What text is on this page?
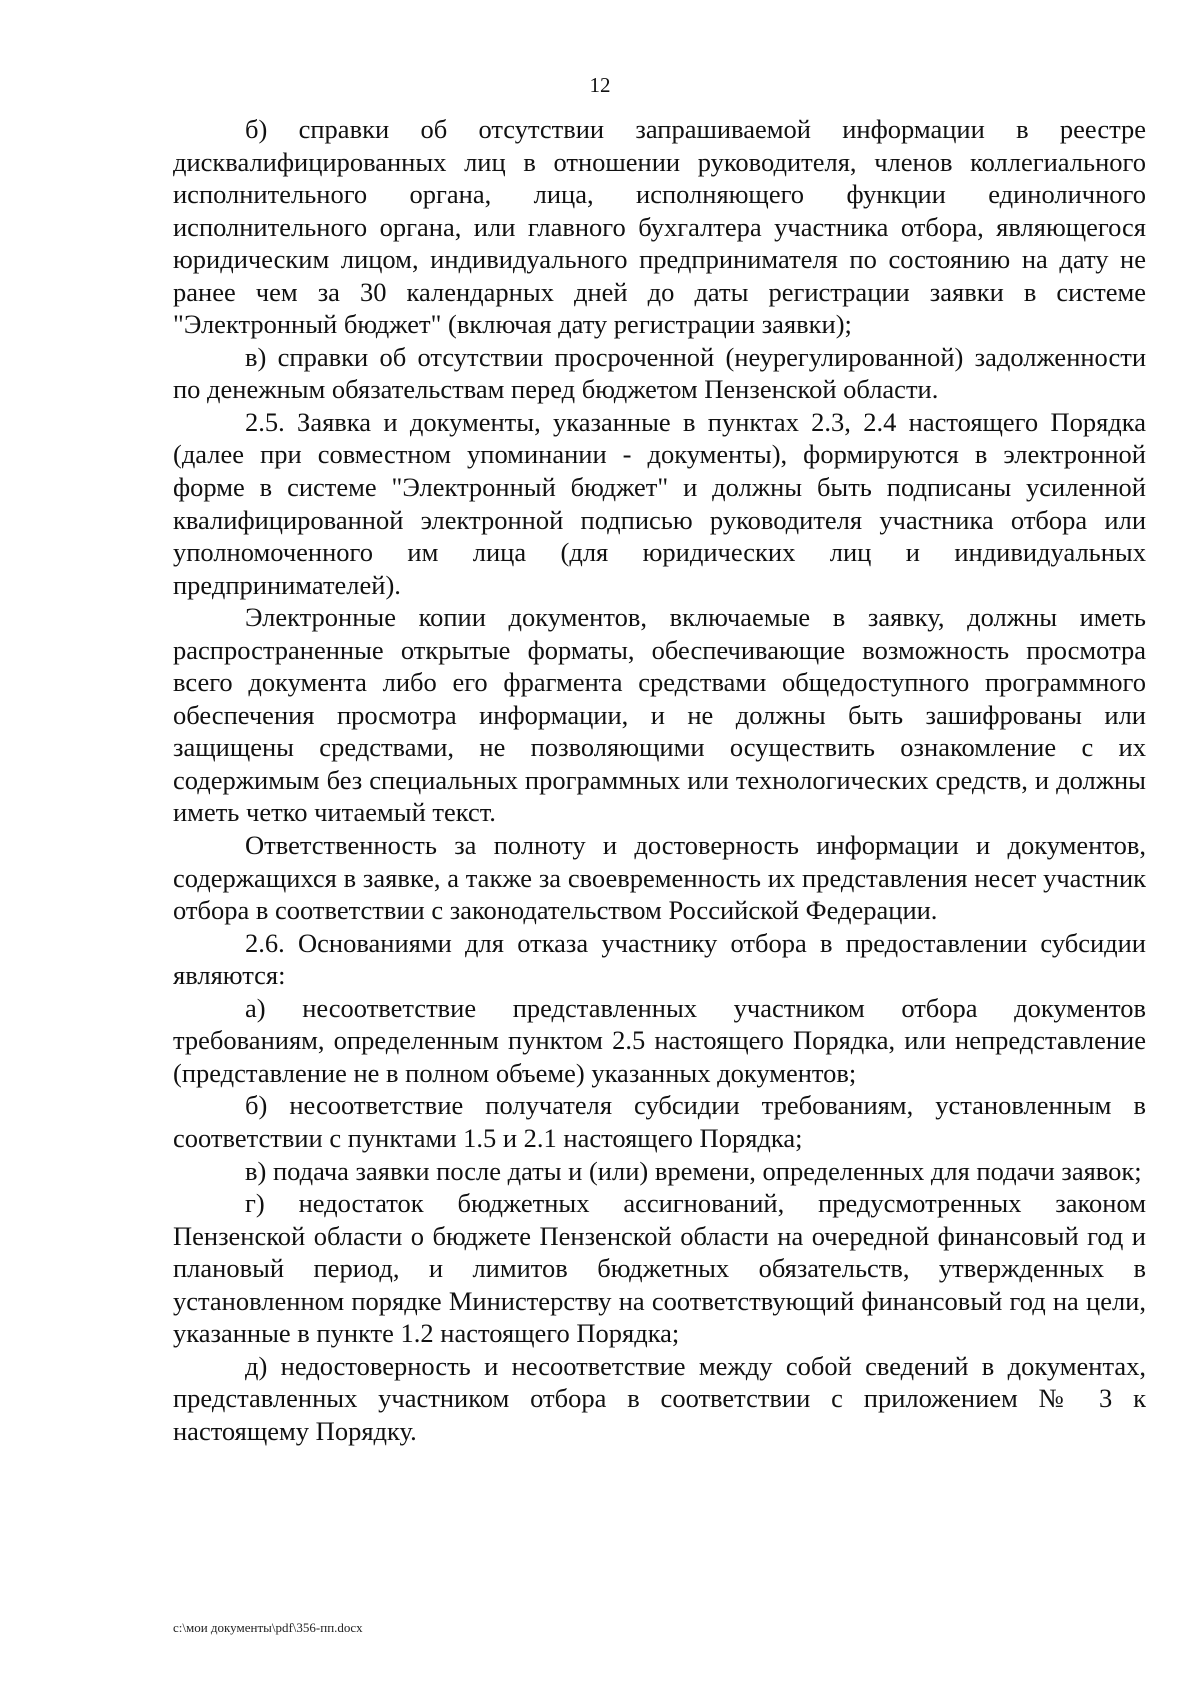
12

б) справки об отсутствии запрашиваемой информации в реестре дисквалифицированных лиц в отношении руководителя, членов коллегиального исполнительного органа, лица, исполняющего функции единоличного исполнительного органа, или главного бухгалтера участника отбора, являющегося юридическим лицом, индивидуального предпринимателя по состоянию на дату не ранее чем за 30 календарных дней до даты регистрации заявки в системе "Электронный бюджет" (включая дату регистрации заявки);

в) справки об отсутствии просроченной (неурегулированной) задолженности по денежным обязательствам перед бюджетом Пензенской области.

2.5. Заявка и документы, указанные в пунктах 2.3, 2.4 настоящего Порядка (далее при совместном упоминании - документы), формируются в электронной форме в системе "Электронный бюджет" и должны быть подписаны усиленной квалифицированной электронной подписью руководителя участника отбора или уполномоченного им лица (для юридических лиц и индивидуальных предпринимателей).

Электронные копии документов, включаемые в заявку, должны иметь распространенные открытые форматы, обеспечивающие возможность просмотра всего документа либо его фрагмента средствами общедоступного программного обеспечения просмотра информации, и не должны быть зашифрованы или защищены средствами, не позволяющими осуществить ознакомление с их содержимым без специальных программных или технологических средств, и должны иметь четко читаемый текст.

Ответственность за полноту и достоверность информации и документов, содержащихся в заявке, а также за своевременность их представления несет участник отбора в соответствии с законодательством Российской Федерации.

2.6. Основаниями для отказа участнику отбора в предоставлении субсидии являются:

а) несоответствие представленных участником отбора документов требованиям, определенным пунктом 2.5 настоящего Порядка, или непредставление (представление не в полном объеме) указанных документов;

б) несоответствие получателя субсидии требованиям, установленным в соответствии с пунктами 1.5 и 2.1 настоящего Порядка;

в) подача заявки после даты и (или) времени, определенных для подачи заявок;

г) недостаток бюджетных ассигнований, предусмотренных законом Пензенской области о бюджете Пензенской области на очередной финансовый год и плановый период, и лимитов бюджетных обязательств, утвержденных в установленном порядке Министерству на соответствующий финансовый год на цели, указанные в пункте 1.2 настоящего Порядка;

д) недостоверность и несоответствие между собой сведений в документах, представленных участником отбора в соответствии с приложением № 3 к настоящему Порядку.

c:\мои документы\pdf\356-пп.docx
